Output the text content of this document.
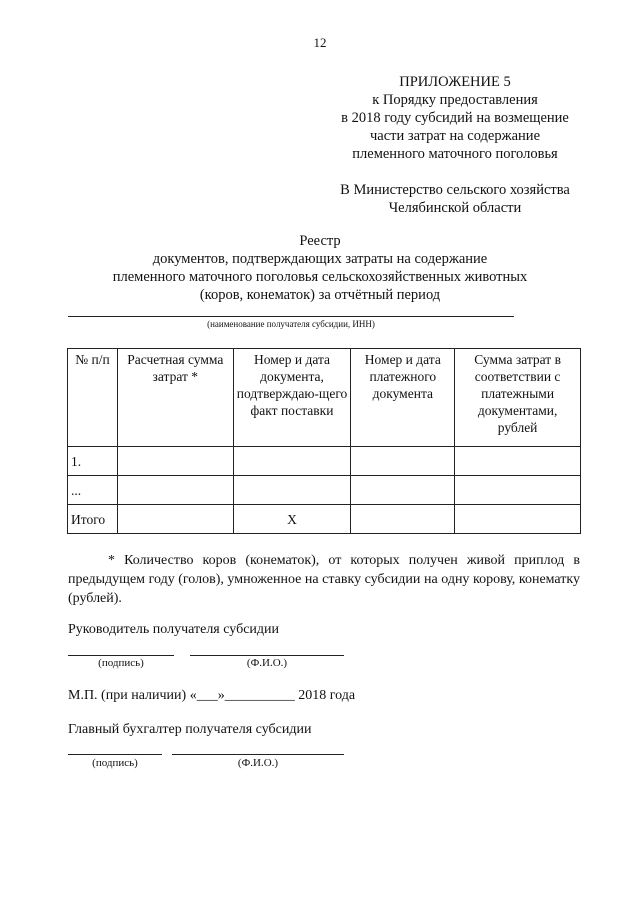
12
ПРИЛОЖЕНИЕ 5
к Порядку предоставления
в 2018 году субсидий на возмещение
части затрат на содержание
племенного маточного поголовья
В Министерство сельского хозяйства
Челябинской области
Реестр
документов, подтверждающих затраты на содержание
племенного маточного поголовья сельскохозяйственных животных
(коров, конематок) за отчётный период
(наименование получателя субсидии, ИНН)
№ п/п	Расчетная сумма затрат *	Номер и дата документа, подтверждаю-щего факт поставки	Номер и дата платежного документа	Сумма затрат в соответствии с платежными документами, рублей
1.				
...				
Итого		X		
* Количество коров (конематок), от которых получен живой приплод в предыдущем году (голов), умноженное на ставку субсидии на одну корову, конематку (рублей).
Руководитель получателя субсидии
(подпись)	(Ф.И.О.)
М.П. (при наличии) «___»__________ 2018 года
Главный бухгалтер получателя субсидии
(подпись)	(Ф.И.О.)
